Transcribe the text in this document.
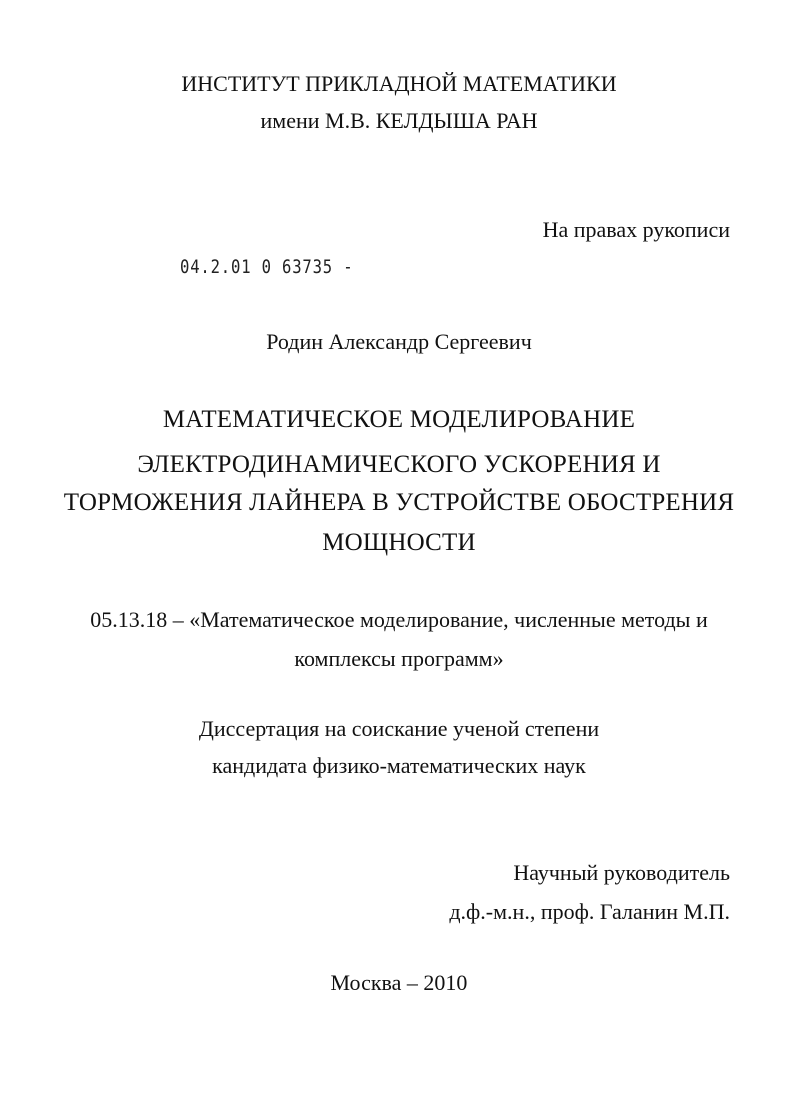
ИНСТИТУТ ПРИКЛАДНОЙ МАТЕМАТИКИ
имени М.В. КЕЛДЫША РАН
На правах рукописи
04.2.01 0 63735 -
Родин Александр Сергеевич
МАТЕМАТИЧЕСКОЕ МОДЕЛИРОВАНИЕ
ЭЛЕКТРОДИНАМИЧЕСКОГО УСКОРЕНИЯ И
ТОРМОЖЕНИЯ ЛАЙНЕРА В УСТРОЙСТВЕ ОБОСТРЕНИЯ
МОЩНОСТИ
05.13.18 – «Математическое моделирование, численные методы и
комплексы программ»
Диссертация на соискание ученой степени
кандидата физико-математических наук
Научный руководитель
д.ф.-м.н., проф. Галанин М.П.
Москва – 2010
